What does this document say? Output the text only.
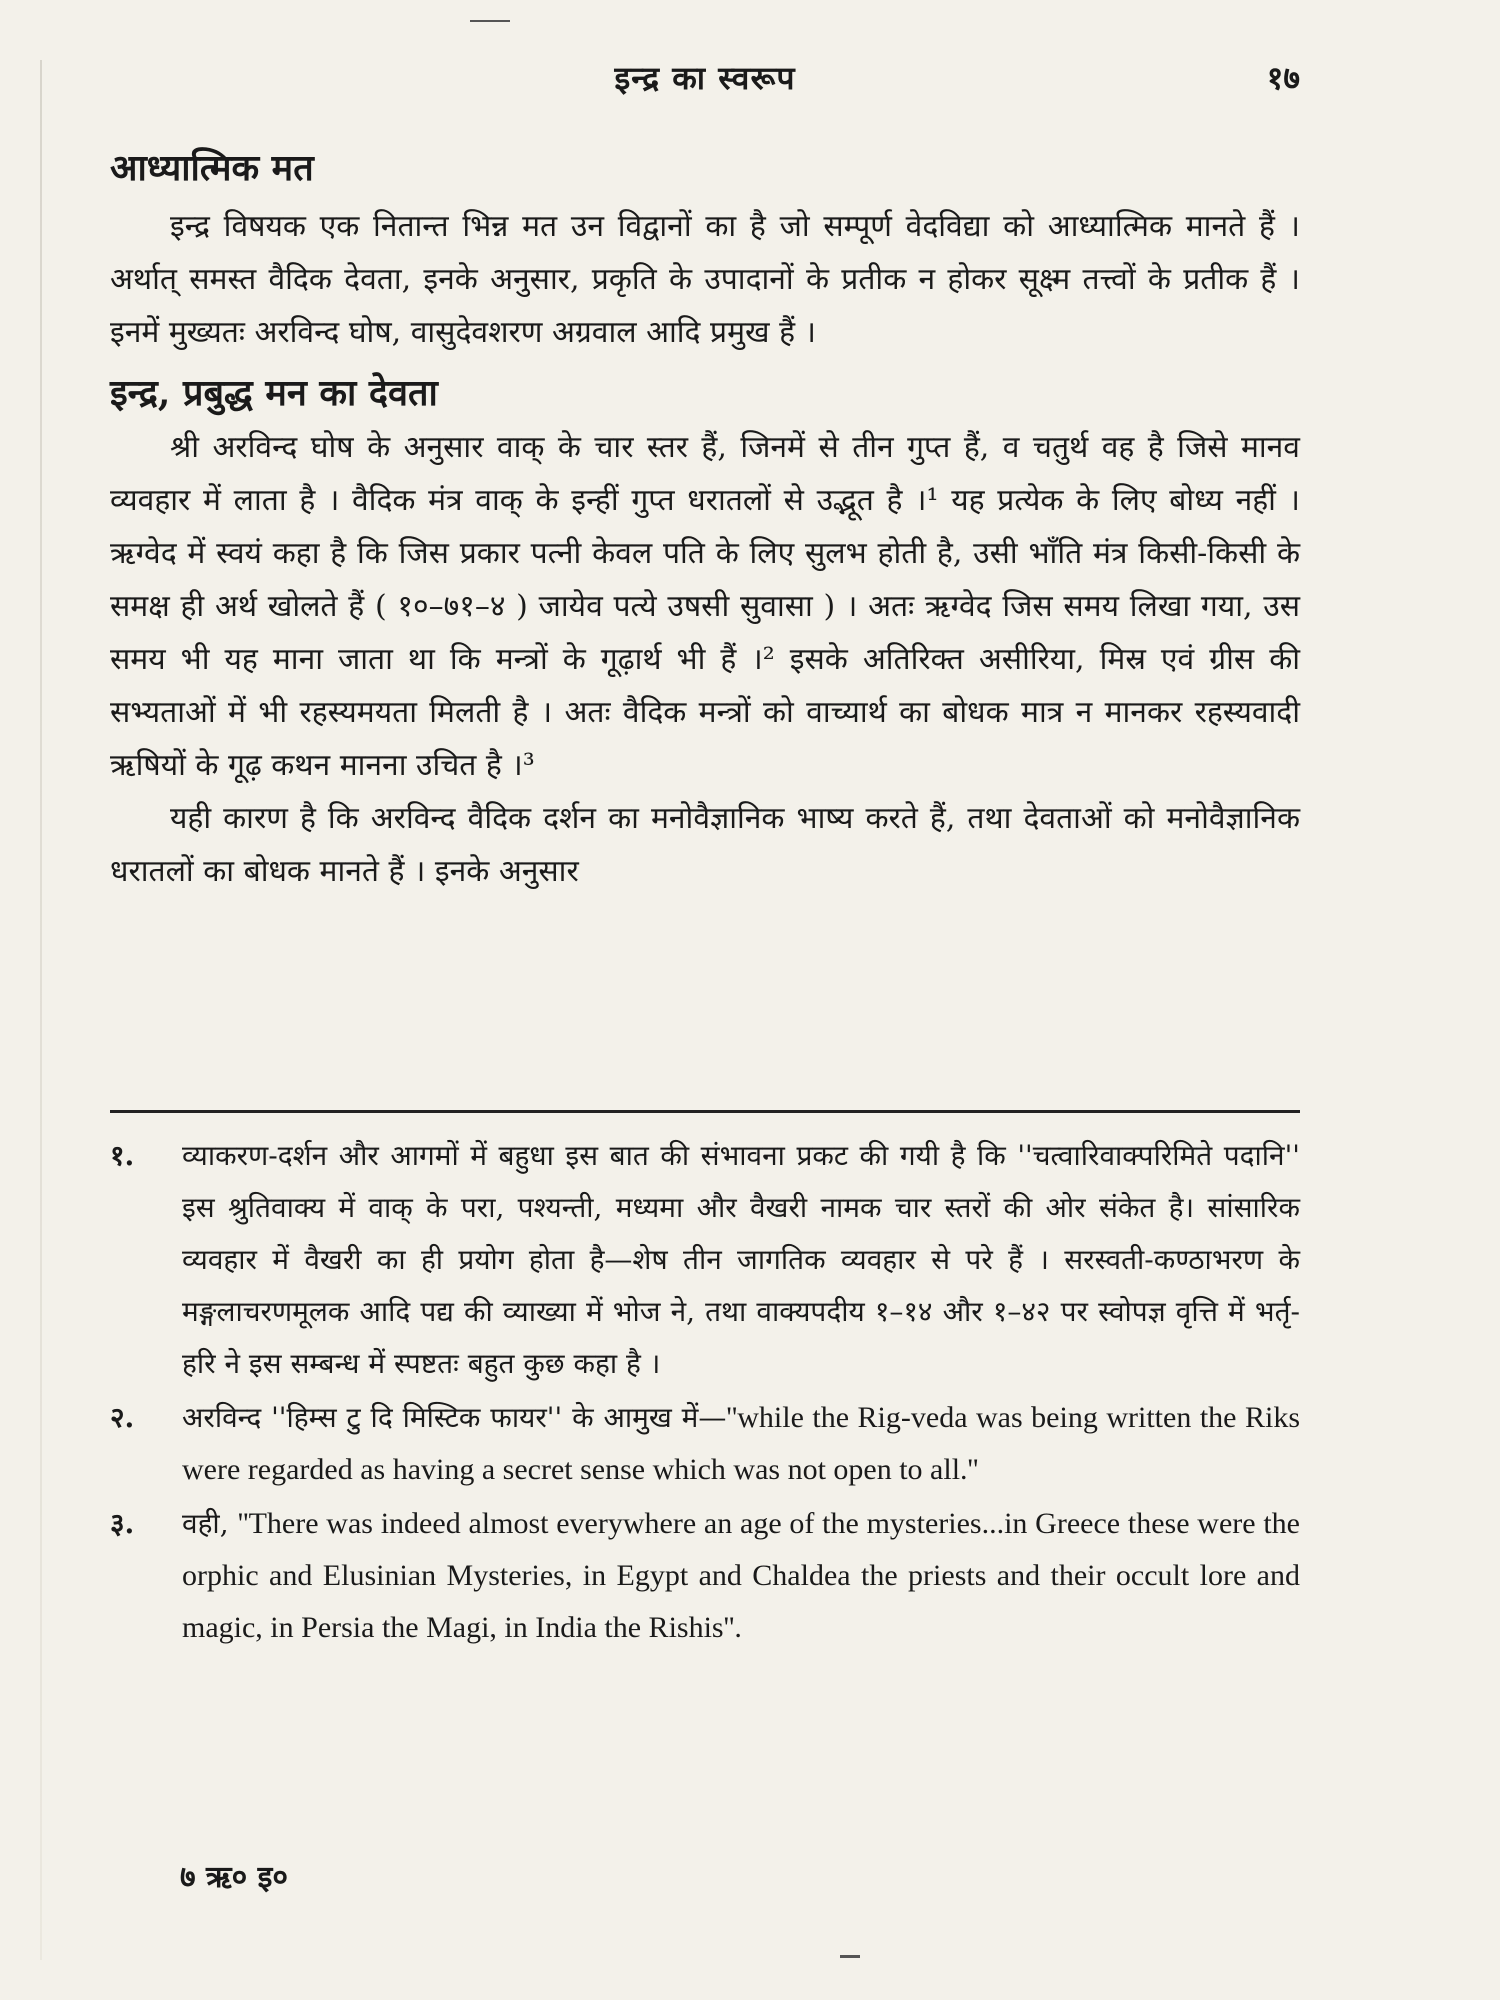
इन्द्र का स्वरूप	१७
आध्यात्मिक मत

इन्द्र विषयक एक नितान्त भिन्न मत उन विद्वानों का है जो सम्पूर्ण वेदविद्या को आध्यात्मिक मानते हैं । अर्थात् समस्त वैदिक देवता, इनके अनुसार, प्रकृति के उपादानों के प्रतीक न होकर सूक्ष्म तत्त्वों के प्रतीक हैं । इनमें मुख्यतः अरविन्द घोष, वासुदेवशरण अग्रवाल आदि प्रमुख हैं ।

इन्द्र, प्रबुद्ध मन का देवता

श्री अरविन्द घोष के अनुसार वाक् के चार स्तर हैं, जिनमें से तीन गुप्त हैं, व चतुर्थ वह है जिसे मानव व्यवहार में लाता है । वैदिक मंत्र वाक् के इन्हीं गुप्त धरातलों से उद्भूत है ।¹ यह प्रत्येक के लिए बोध्य नहीं । ऋग्वेद में स्वयं कहा है कि जिस प्रकार पत्नी केवल पति के लिए सुलभ होती है, उसी भाँति मंत्र किसी-किसी के समक्ष ही अर्थ खोलते हैं ( १०–७१–४ ) जायेव पत्ये उषसी सुवासा ) । अतः ऋग्वेद जिस समय लिखा गया, उस समय भी यह माना जाता था कि मन्त्रों के गूढ़ार्थ भी हैं ।² इसके अतिरिक्त असीरिया, मिस्र एवं ग्रीस की सभ्यताओं में भी रहस्यमयता मिलती है । अतः वैदिक मन्त्रों को वाच्यार्थ का बोधक मात्र न मानकर रहस्यवादी ऋषियों के गूढ़ कथन मानना उचित है ।³

यही कारण है कि अरविन्द वैदिक दर्शन का मनोवैज्ञानिक भाष्य करते हैं, तथा देवताओं को मनोवैज्ञानिक धरातलों का बोधक मानते हैं । इनके अनुसार

१.	व्याकरण-दर्शन और आगमों में बहुधा इस बात की संभावना प्रकट की गयी है कि ''चत्वारिवाक्परिमिते पदानि'' इस श्रुतिवाक्य में वाक् के परा, पश्यन्ती, मध्यमा और वैखरी नामक चार स्तरों की ओर संकेत है। सांसारिक व्यवहार में वैखरी का ही प्रयोग होता है—शेष तीन जागतिक व्यवहार से परे हैं । सरस्वती-कण्ठाभरण के मङ्गलाचरणमूलक आदि पद्य की व्याख्या में भोज ने, तथा वाक्यपदीय १–१४ और १–४२ पर स्वोपज्ञ वृत्ति में भर्तृ-हरि ने इस सम्बन्ध में स्पष्टतः बहुत कुछ कहा है ।
२.	अरविन्द ''हिम्स टु दि मिस्टिक फायर'' के आमुख में—''while the Rig-veda was being written the Riks were regarded as having a secret sense which was not open to all.''
३.	वही, ''There was indeed almost everywhere an age of the mysteries...in Greece these were the orphic and Elusinian Mysteries, in Egypt and Chaldea the priests and their occult lore and magic, in Persia the Magi, in India the Rishis''.
७ ऋ० इ०
